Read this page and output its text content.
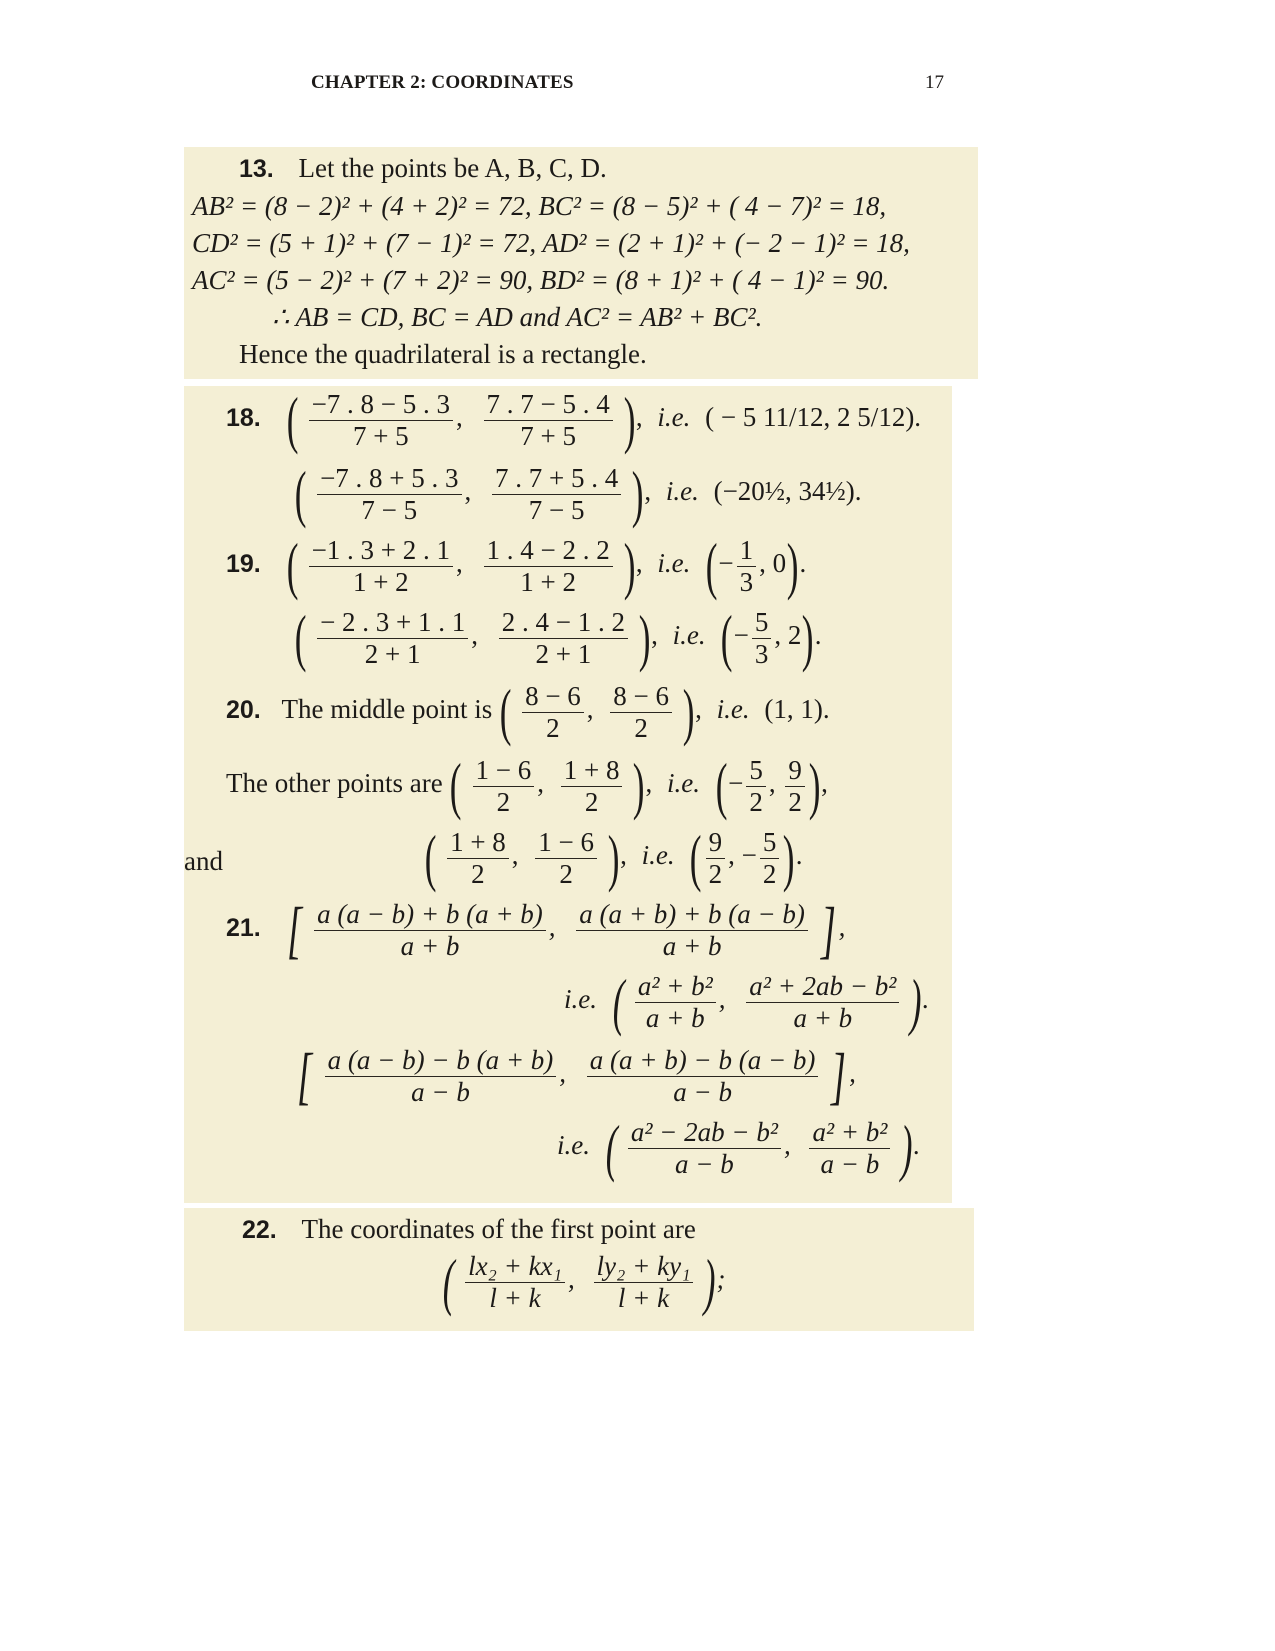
CHAPTER 2: COORDINATES	17
13. Let the points be A, B, C, D.
AB² = (8 − 2)² + (4 + 2)² = 72, BC² = (8 − 5)² + ( 4 − 7)² = 18,
CD² = (5 + 1)² + (7 − 1)² = 72, AD² = (2 + 1)² + (− 2 − 1)² = 18,
AC² = (5 − 2)² + (7 + 2)² = 90, BD² = (8 + 1)² + ( 4 − 1)² = 90.
∴ AB = CD, BC = AD and AC² = AB² + BC².
Hence the quadrilateral is a rectangle.
18. ( $\frac{-7 . 8 - 5 . 3}{7 + 5}$ , $\frac{7 . 7 - 5 . 4}{7 + 5}$ ), i.e. ( − 5 11/12, 2 5/12).
( $\frac{-7 . 8 + 5 . 3}{7 - 5}$ , $\frac{7 . 7 + 5 . 4}{7 - 5}$ ), i.e. (−20½, 34½).
19. ( $\frac{-1 . 3 + 2 . 1}{1 + 2}$ , $\frac{1 . 4 - 2 . 2}{1 + 2}$ ), i.e. (− $\frac{1}{3}$ , 0).
( $\frac{- 2 . 3 + 1 . 1}{2 + 1}$ , $\frac{2 . 4 - 1 . 2}{2 + 1}$ ), i.e. (− $\frac{5}{3}$ , 2).
20. The middle point is ( $\frac{8 - 6}{2}$ , $\frac{8 - 6}{2}$ ), i.e. (1, 1).
The other points are ( $\frac{1 - 6}{2}$ , $\frac{1 + 8}{2}$ ), i.e. (− $\frac{5}{2}$ , $\frac{9}{2}$ ),
and	( $\frac{1 + 8}{2}$ , $\frac{1 - 6}{2}$ ), i.e. ( $\frac{9}{2}$ , − $\frac{5}{2}$ ).
21. [ $\frac{a (a - b) + b (a + b)}{a + b}$ , $\frac{a (a + b) + b (a - b)}{a + b}$ ] ,
i.e. ( $\frac{\text{a² + b²}}{a + b}$ , $\frac{\text{a² + 2ab − b²}}{a + b}$ ).
[ $\frac{a (a - b) - b (a + b)}{a - b}$ , $\frac{a (a + b) - b (a - b)}{a - b}$ ] ,
i.e. ( $\frac{\text{a² − 2ab − b²}}{a - b}$ , $\frac{\text{a² + b²}}{a - b}$ ).
22. The coordinates of the first point are
( $\frac{\text{lx₂ + kx₁}}{l + k}$ , $\frac{\text{ly₂ + ky₁}}{l + k}$ );
